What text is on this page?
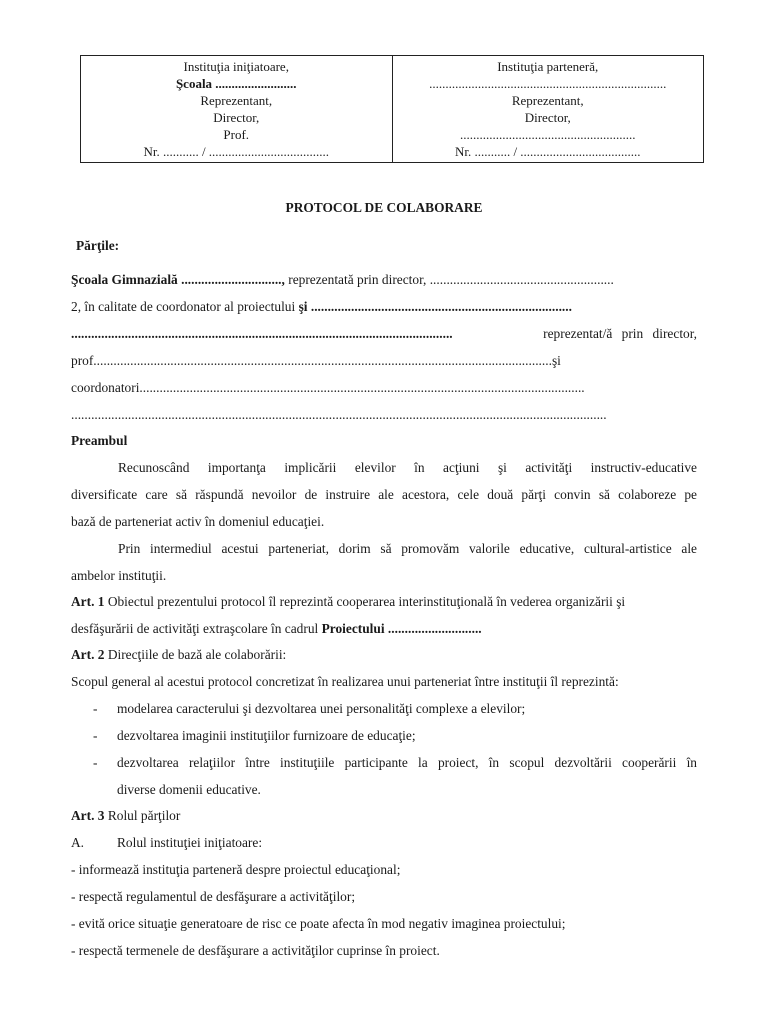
Instituţia iniţiatoare,
Şcoala .........................
Reprezentant,
Director,
Prof.
Nr. ........... / .....................................
Instituţia parteneră,
.........................................................................
Reprezentant,
Director,
......................................................
Nr. ........... / .....................................
PROTOCOL DE COLABORARE
Părţile:
Şcoala Gimnazială .............................., reprezentată prin director, .......................................................
2, în calitate de coordonator al proiectului şi ..............................................................................
..................................................................................................................	reprezentat/ă prin director,
prof.........................................................................................................................................şi
coordonatori.....................................................................................................................................
................................................................................................................................................................
Preambul
Recunoscând importanţa implicării elevilor în acţiuni şi activităţi instructiv-educative
diversificate care să răspundă nevoilor de instruire ale acestora, cele două părţi convin să colaboreze pe
bază de parteneriat activ în domeniul educaţiei.
Prin intermediul acestui parteneriat, dorim să promovăm valorile educative, cultural-artistice ale
ambelor instituţii.
Art. 1 Obiectul prezentului protocol îl reprezintă cooperarea interinstituţională în vederea organizării şi
desfăşurării de activităţi extraşcolare în cadrul Proiectului ............................
Art. 2 Direcţiile de bază ale colaborării:
Scopul general al acestui protocol concretizat în realizarea unui parteneriat între instituţii îl reprezintă:
- modelarea caracterului şi dezvoltarea unei personalităţi complexe a elevilor;
- dezvoltarea imaginii instituţiilor furnizoare de educaţie;
- dezvoltarea relaţiilor între instituţiile participante la proiect, în scopul dezvoltării cooperării în
diverse domenii educative.
Art. 3 Rolul părţilor
A. Rolul instituţiei iniţiatoare:
- informează instituţia parteneră despre proiectul educaţional;
- respectă regulamentul de desfăşurare a activităţilor;
- evită orice situaţie generatoare de risc ce poate afecta în mod negativ imaginea proiectului;
- respectă termenele de desfăşurare a activităţilor cuprinse în proiect.
